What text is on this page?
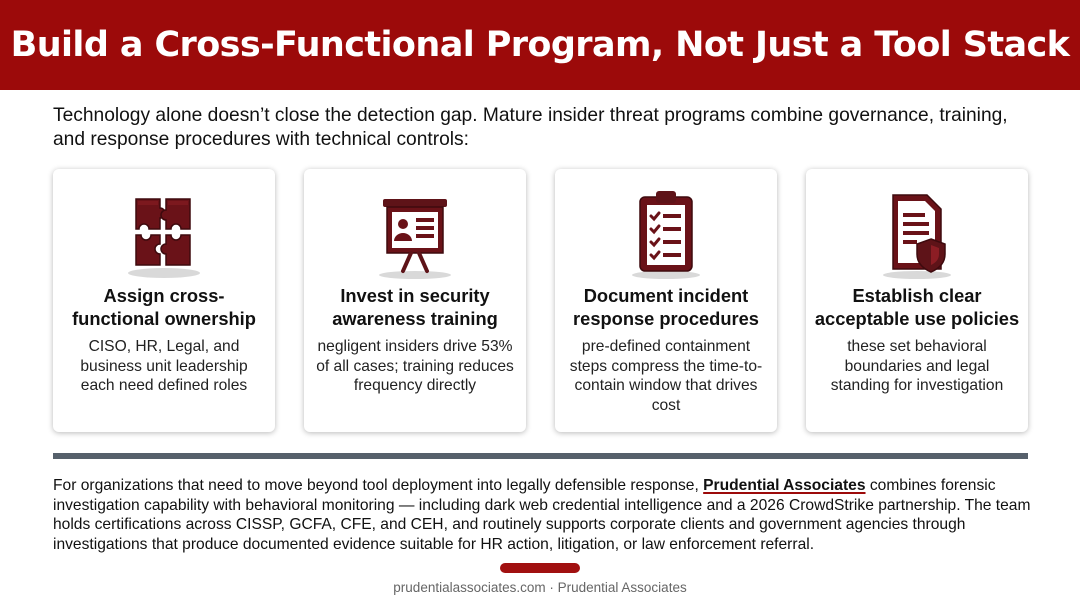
Build a Cross-Functional Program, Not Just a Tool Stack

Technology alone doesn’t close the detection gap. Mature insider threat programs combine governance, training, and response procedures with technical controls:

Assign cross-functional ownership
CISO, HR, Legal, and business unit leadership each need defined roles
Invest in security awareness training
negligent insiders drive 53% of all cases; training reduces frequency directly
Document incident response procedures
pre-defined containment steps compress the time-to-contain window that drives cost
Establish clear acceptable use policies
these set behavioral boundaries and legal standing for investigation

For organizations that need to move beyond tool deployment into legally defensible response, Prudential Associates combines forensic investigation capability with behavioral monitoring — including dark web credential intelligence and a 2026 CrowdStrike partnership. The team holds certifications across CISSP, GCFA, CFE, and CEH, and routinely supports corporate clients and government agencies through investigations that produce documented evidence suitable for HR action, litigation, or law enforcement referral.

prudentialassociates.com · Prudential Associates
